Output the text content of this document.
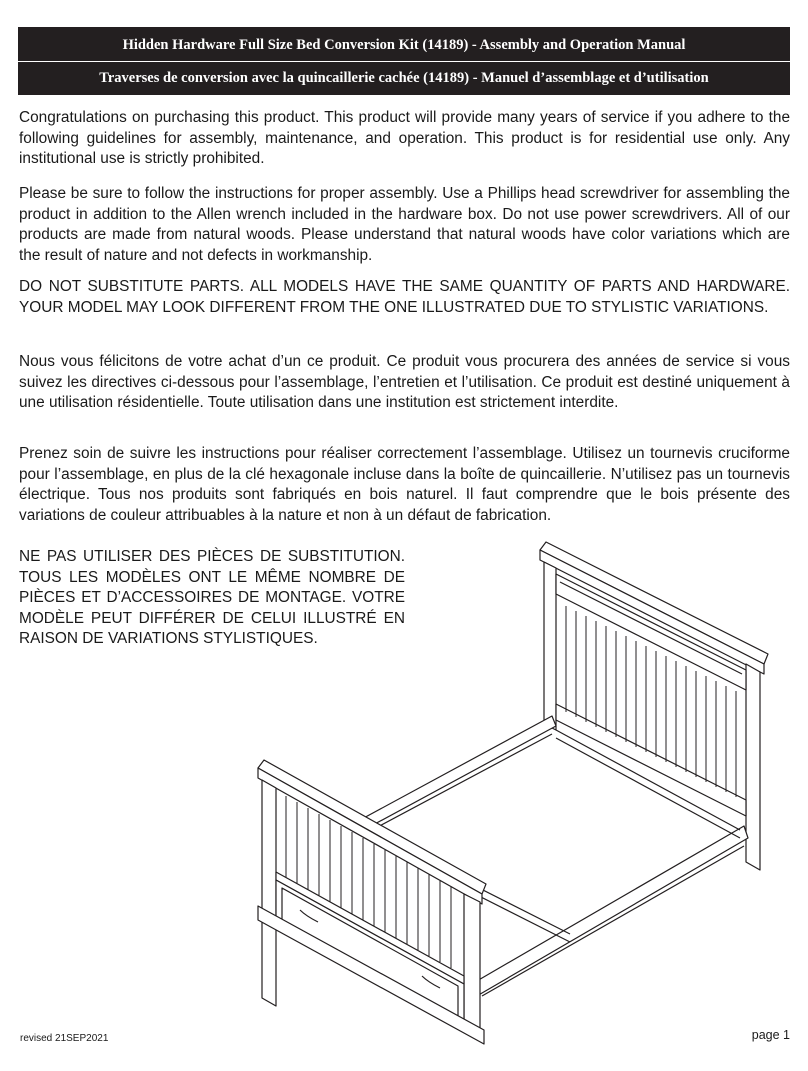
Hidden Hardware Full Size Bed Conversion Kit (14189) - Assembly and Operation Manual
Traverses de conversion avec la quincaillerie cachée (14189) - Manuel d’assemblage et d’utilisation

Congratulations on purchasing this product. This product will provide many years of service if you adhere to the following guidelines for assembly, maintenance, and operation. This product is for residential use only. Any institutional use is strictly prohibited.

Please be sure to follow the instructions for proper assembly. Use a Phillips head screwdriver for assembling the product in addition to the Allen wrench included in the hardware box. Do not use power screwdrivers. All of our products are made from natural woods. Please understand that natural woods have color variations which are the result of nature and not defects in workmanship.

DO NOT SUBSTITUTE PARTS. ALL MODELS HAVE THE SAME QUANTITY OF PARTS AND HARDWARE. YOUR MODEL MAY LOOK DIFFERENT FROM THE ONE ILLUSTRATED DUE TO STYLISTIC VARIATIONS.

Nous vous félicitons de votre achat d’un ce produit. Ce produit vous procurera des années de service si vous suivez les directives ci-dessous pour l’assemblage, l’entretien et l’utilisation. Ce produit est destiné uniquement à une utilisation résidentielle. Toute utilisation dans une institution est strictement interdite.

Prenez soin de suivre les instructions pour réaliser correctement l’assemblage. Utilisez un tournevis cruciforme pour l’assemblage, en plus de la clé hexagonale incluse dans la boîte de quincaillerie. N’utilisez pas un tournevis électrique. Tous nos produits sont fabriqués en bois naturel. Il faut comprendre que le bois présente des variations de couleur attribuables à la nature et non à un défaut de fabrication.

NE PAS UTILISER DES PIÈCES DE SUBSTITUTION. TOUS LES MODÈLES ONT LE MÊME NOMBRE DE PIÈCES ET D’ACCESSOIRES DE MONTAGE. VOTRE MODÈLE PEUT DIFFÉRER DE CELUI ILLUSTRÉ EN RAISON DE VARIATIONS STYLISTIQUES.

revised 21SEP2021	page 1
